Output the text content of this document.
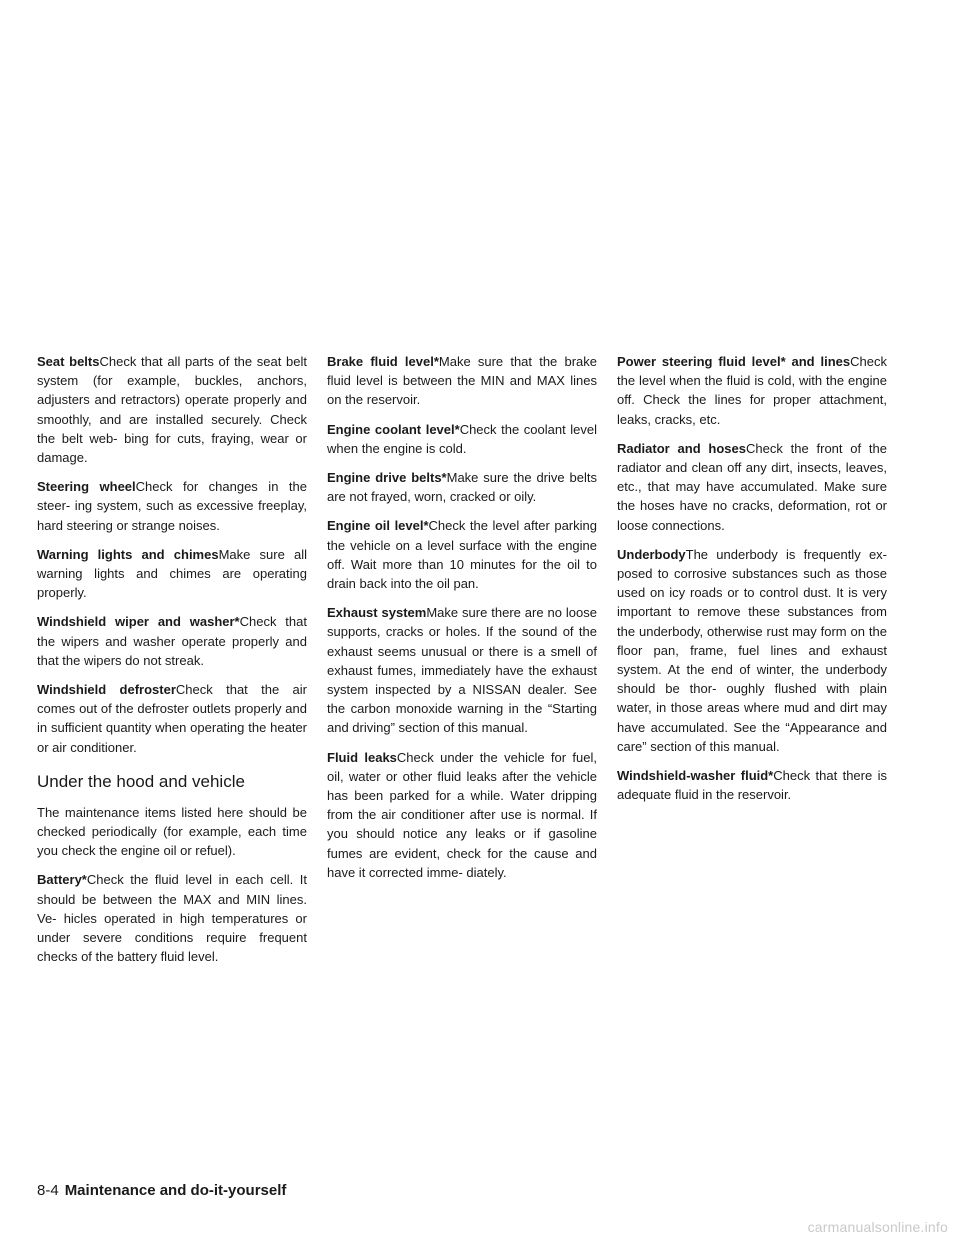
Seat beltsCheck that all parts of the seat belt system (for example, buckles, anchors, adjusters and retractors) operate properly and smoothly, and are installed securely. Check the belt web- bing for cuts, fraying, wear or damage.

Steering wheelCheck for changes in the steer- ing system, such as excessive freeplay, hard steering or strange noises.

Warning lights and chimesMake sure all warning lights and chimes are operating properly.

Windshield wiper and washer*Check that the wipers and washer operate properly and that the wipers do not streak.

Windshield defrosterCheck that the air comes out of the defroster outlets properly and in sufficient quantity when operating the heater or air conditioner.

Under the hood and vehicle

The maintenance items listed here should be checked periodically (for example, each time you check the engine oil or refuel).

Battery*Check the fluid level in each cell. It should be between the MAX and MIN lines. Ve- hicles operated in high temperatures or under severe conditions require frequent checks of the battery fluid level.

Brake fluid level*Make sure that the brake fluid level is between the MIN and MAX lines on the reservoir.

Engine coolant level*Check the coolant level when the engine is cold.

Engine drive belts*Make sure the drive belts are not frayed, worn, cracked or oily.

Engine oil level*Check the level after parking the vehicle on a level surface with the engine off. Wait more than 10 minutes for the oil to drain back into the oil pan.

Exhaust systemMake sure there are no loose supports, cracks or holes. If the sound of the exhaust seems unusual or there is a smell of exhaust fumes, immediately have the exhaust system inspected by a NISSAN dealer. See the carbon monoxide warning in the “Starting and driving” section of this manual.

Fluid leaksCheck under the vehicle for fuel, oil, water or other fluid leaks after the vehicle has been parked for a while. Water dripping from the air conditioner after use is normal. If you should notice any leaks or if gasoline fumes are evident, check for the cause and have it corrected imme- diately.

Power steering fluid level* and linesCheck the level when the fluid is cold, with the engine off. Check the lines for proper attachment, leaks, cracks, etc.

Radiator and hosesCheck the front of the radiator and clean off any dirt, insects, leaves, etc., that may have accumulated. Make sure the hoses have no cracks, deformation, rot or loose connections.

UnderbodyThe underbody is frequently ex- posed to corrosive substances such as those used on icy roads or to control dust. It is very important to remove these substances from the underbody, otherwise rust may form on the floor pan, frame, fuel lines and exhaust system. At the end of winter, the underbody should be thor- oughly flushed with plain water, in those areas where mud and dirt may have accumulated. See the “Appearance and care” section of this manual.

Windshield-washer fluid*Check that there is adequate fluid in the reservoir.

8-4 Maintenance and do-it-yourself
carmanualsonline.info
